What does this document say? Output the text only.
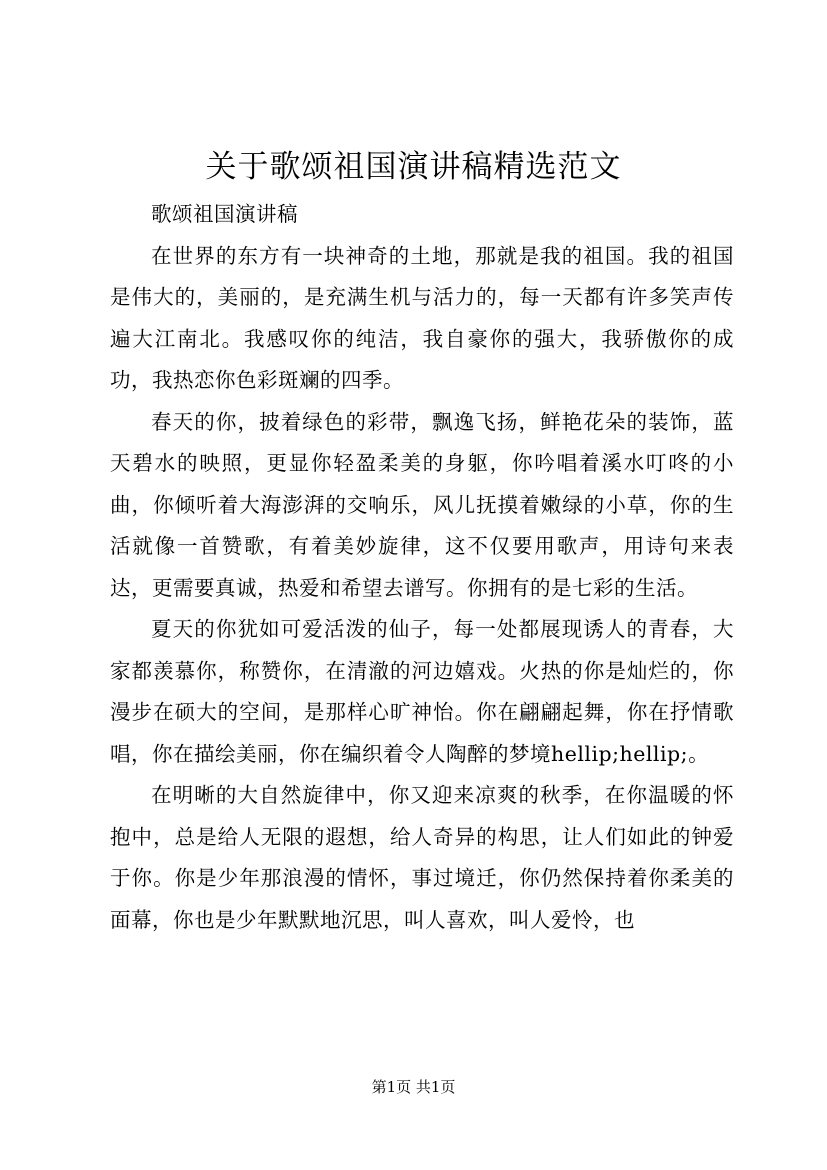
关于歌颂祖国演讲稿精选范文

歌颂祖国演讲稿

在世界的东方有一块神奇的土地，那就是我的祖国。我的祖国是伟大的，美丽的，是充满生机与活力的，每一天都有许多笑声传遍大江南北。我感叹你的纯洁，我自豪你的强大，我骄傲你的成功，我热恋你色彩斑斓的四季。

春天的你，披着绿色的彩带，飘逸飞扬，鲜艳花朵的装饰，蓝天碧水的映照，更显你轻盈柔美的身躯，你吟唱着溪水叮咚的小曲，你倾听着大海澎湃的交响乐，风儿抚摸着嫩绿的小草，你的生活就像一首赞歌，有着美妙旋律，这不仅要用歌声，用诗句来表达，更需要真诚，热爱和希望去谱写。你拥有的是七彩的生活。

夏天的你犹如可爱活泼的仙子，每一处都展现诱人的青春，大家都羡慕你，称赞你，在清澈的河边嬉戏。火热的你是灿烂的，你漫步在硕大的空间，是那样心旷神怡。你在翩翩起舞，你在抒情歌唱，你在描绘美丽，你在编织着令人陶醉的梦境hellip;hellip;。

在明晰的大自然旋律中，你又迎来凉爽的秋季，在你温暖的怀抱中，总是给人无限的遐想，给人奇异的构思，让人们如此的钟爱于你。你是少年那浪漫的情怀，事过境迁，你仍然保持着你柔美的面幕，你也是少年默默地沉思，叫人喜欢，叫人爱怜，也

第1页 共1页
